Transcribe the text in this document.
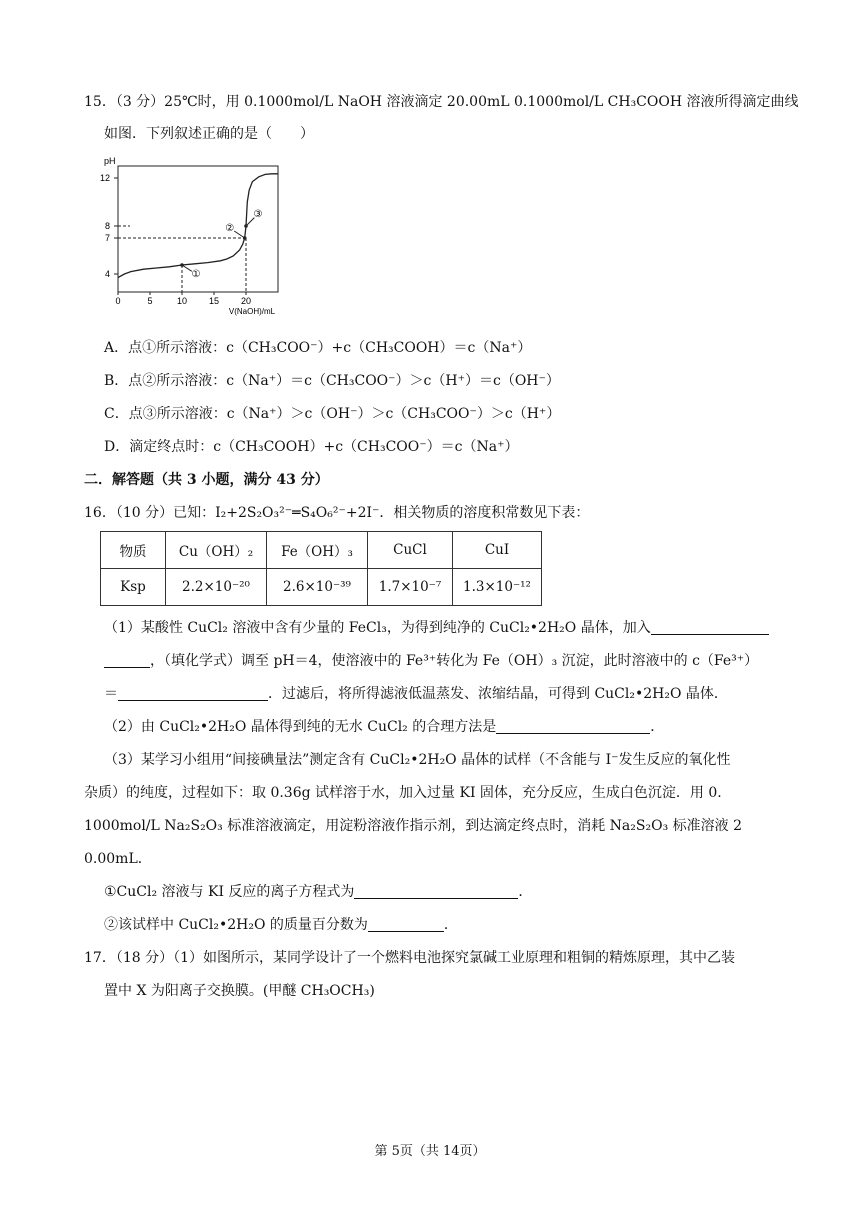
15．（3 分）25℃时，用 0.1000mol/L NaOH 溶液滴定 20.00mL 0.1000mol/L CH₃COOH 溶液所得滴定曲线
如图．下列叙述正确的是（　　）
4
7
8
12
0	5	10 15 20
pH
V(NaOH)/mL
①
②
③
A．点①所示溶液：c（CH₃COO⁻）+c（CH₃COOH）＝c（Na⁺）
B．点②所示溶液：c（Na⁺）＝c（CH₃COO⁻）＞c（H⁺）＝c（OH⁻）
C．点③所示溶液：c（Na⁺）＞c（OH⁻）＞c（CH₃COO⁻）＞c（H⁺）
D．滴定终点时：c（CH₃COOH）+c（CH₃COO⁻）＝c（Na⁺）
二．解答题（共 3 小题，满分 43 分）
16．（10 分）已知：I₂+2S₂O₃²⁻═S₄O₆²⁻+2I⁻．相关物质的溶度积常数见下表：
物质	Cu（OH）₂	Fe（OH）₃	CuCl	CuI
Ksp	2.2×10⁻²⁰	2.6×10⁻³⁹	1.7×10⁻⁷	1.3×10⁻¹²
（1）某酸性 CuCl₂ 溶液中含有少量的 FeCl₃，为得到纯净的 CuCl₂•2H₂O 晶体，加入
，（填化学式）调至 pH＝4，使溶液中的 Fe³⁺转化为 Fe（OH）₃ 沉淀，此时溶液中的 c（Fe³⁺）
＝	．过滤后，将所得滤液低温蒸发、浓缩结晶，可得到 CuCl₂•2H₂O 晶体．
（2）由 CuCl₂•2H₂O 晶体得到纯的无水 CuCl₂ 的合理方法是	．
（3）某学习小组用“间接碘量法”测定含有 CuCl₂•2H₂O 晶体的试样（不含能与 I⁻发生反应的氧化性
杂质）的纯度，过程如下：取 0.36g 试样溶于水，加入过量 KI 固体，充分反应，生成白色沉淀．用 0.
1000mol/L Na₂S₂O₃ 标准溶液滴定，用淀粉溶液作指示剂，到达滴定终点时，消耗 Na₂S₂O₃ 标准溶液 2
0.00mL．
①CuCl₂ 溶液与 KI 反应的离子方程式为	．
②该试样中 CuCl₂•2H₂O 的质量百分数为	．
17．（18 分）（1）如图所示，某同学设计了一个燃料电池探究氯碱工业原理和粗铜的精炼原理，其中乙装
置中 X 为阳离子交换膜。(甲醚 CH₃OCH₃)
第 5页（共 14页）
